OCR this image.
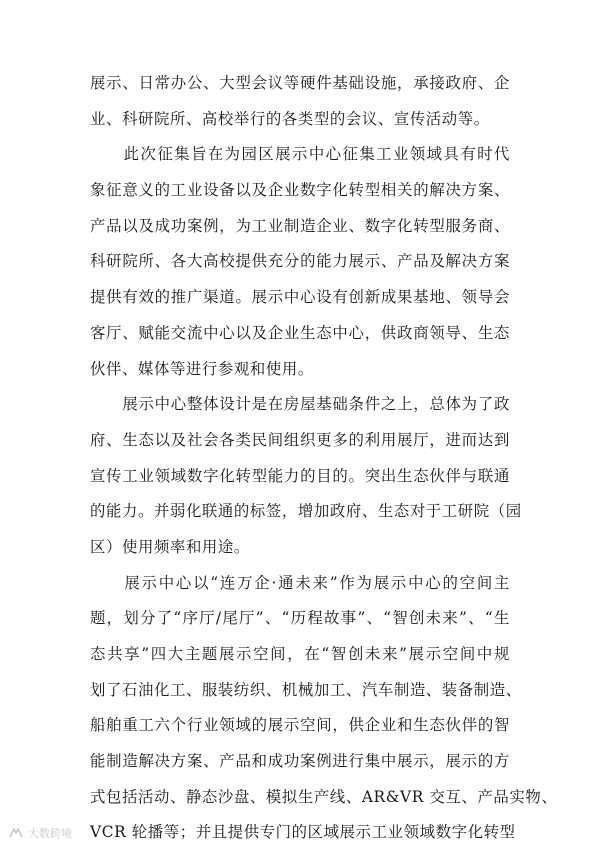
展示、日常办公、大型会议等硬件基础设施，承接政府、企
业、科研院所、高校举行的各类型的会议、宣传活动等。
　　此次征集旨在为园区展示中心征集工业领域具有时代
象征意义的工业设备以及企业数字化转型相关的解决方案、
产品以及成功案例，为工业制造企业、数字化转型服务商、
科研院所、各大高校提供充分的能力展示、产品及解决方案
提供有效的推广渠道。展示中心设有创新成果基地、领导会
客厅、赋能交流中心以及企业生态中心，供政商领导、生态
伙伴、媒体等进行参观和使用。
　　展示中心整体设计是在房屋基础条件之上，总体为了政
府、生态以及社会各类民间组织更多的利用展厅，进而达到
宣传工业领域数字化转型能力的目的。突出生态伙伴与联通
的能力。并弱化联通的标签，增加政府、生态对于工研院（园
区）使用频率和用途。
　　展示中心以“连万企·通未来”作为展示中心的空间主
题，划分了“序厅/尾厅”、“历程故事”、“智创未来”、“生
态共享”四大主题展示空间，在“智创未来”展示空间中规
划了石油化工、服装纺织、机械加工、汽车制造、装备制造、
船舶重工六个行业领域的展示空间，供企业和生态伙伴的智
能制造解决方案、产品和成功案例进行集中展示，展示的方
式包括活动、静态沙盘、模拟生产线、AR&VR 交互、产品实物、
VCR 轮播等；并且提供专门的区域展示工业领域数字化转型
大数跨境
